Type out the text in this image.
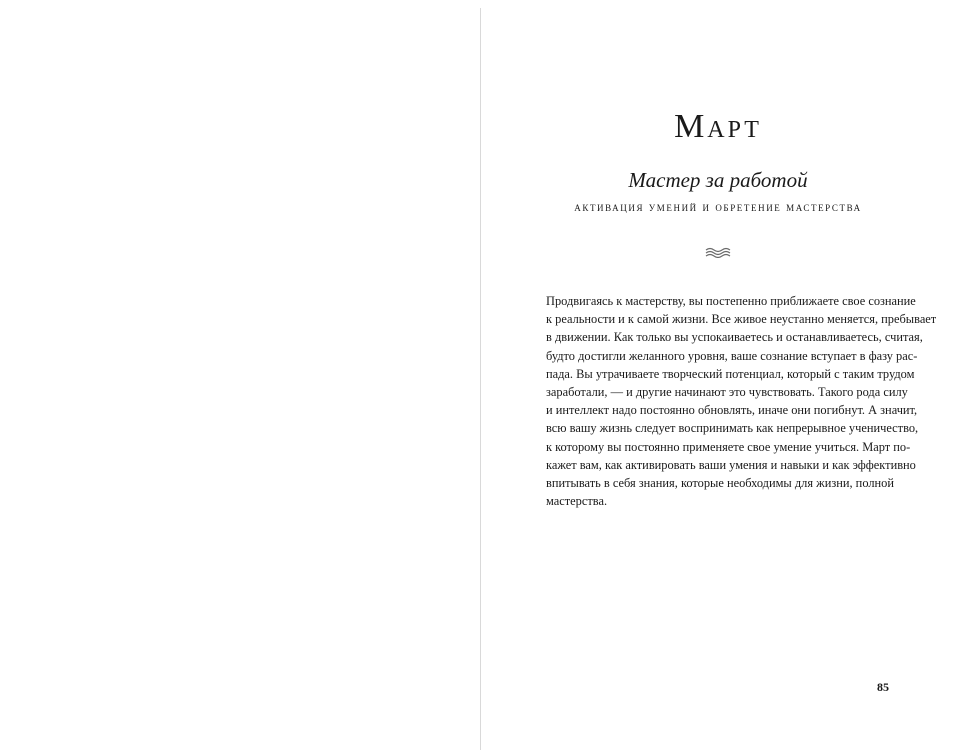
Март
Мастер за работой
активация умений и обретение мастерства
Продвигаясь к мастерству, вы постепенно приближаете свое сознание
к реальности и к самой жизни. Все живое неустанно меняется, пребывает
в движении. Как только вы успокаиваетесь и останавливаетесь, считая,
будто достигли желанного уровня, ваше сознание вступает в фазу рас-
пада. Вы утрачиваете творческий потенциал, который с таким трудом
заработали, — и другие начинают это чувствовать. Такого рода силу
и интеллект надо постоянно обновлять, иначе они погибнут. А значит,
всю вашу жизнь следует воспринимать как непрерывное ученичество,
к которому вы постоянно применяете свое умение учиться. Март по-
кажет вам, как активировать ваши умения и навыки и как эффективно
впитывать в себя знания, которые необходимы для жизни, полной
мастерства.
85
